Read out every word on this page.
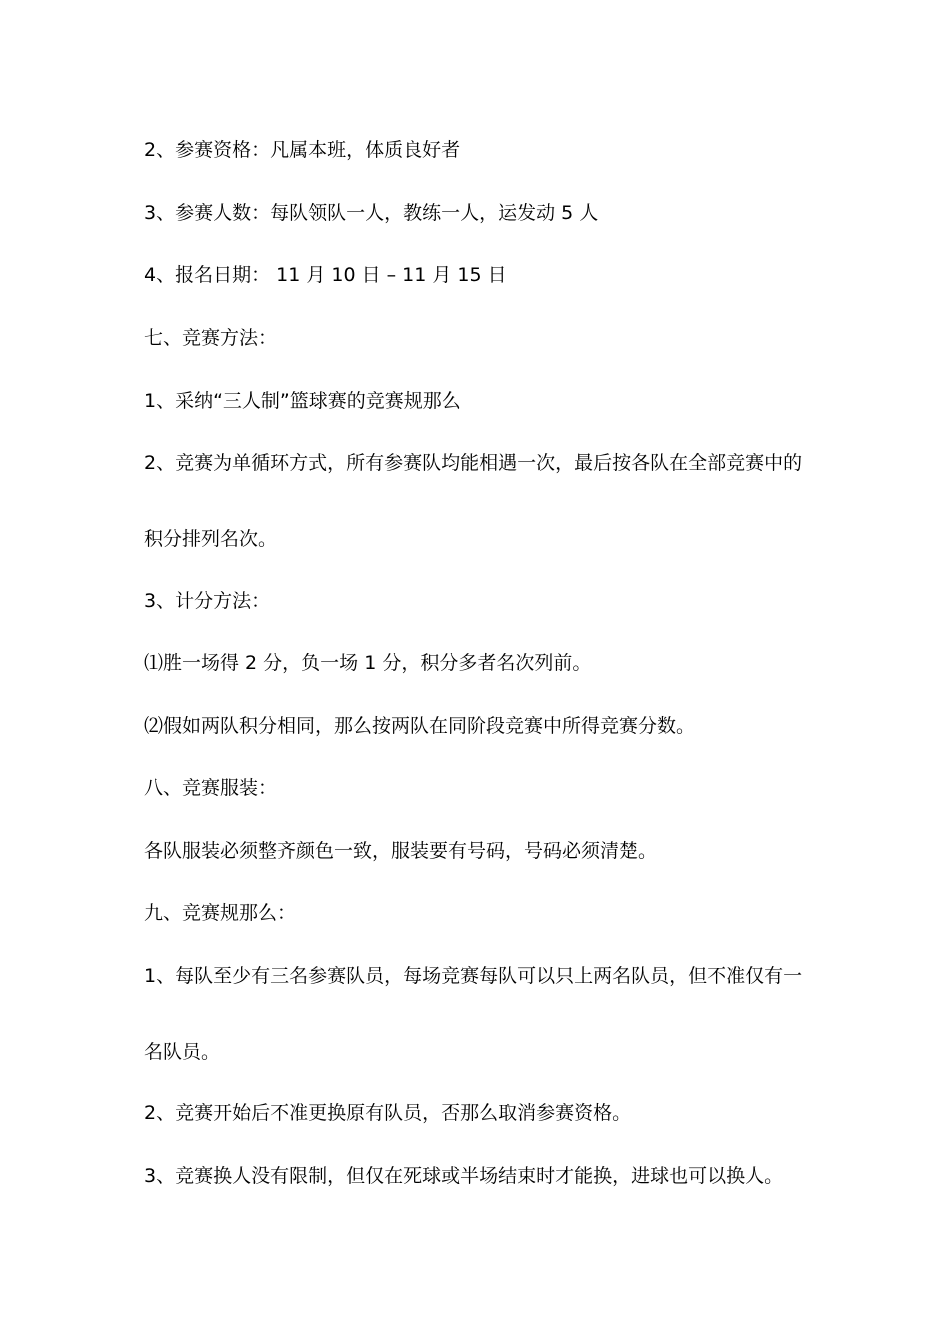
2、参赛资格：凡属本班，体质良好者
3、参赛人数：每队领队一人，教练一人，运发动 5 人
4、报名日期： 11 月 10 日 – 11 月 15 日
七、竞赛方法：
1、采纳“三人制”篮球赛的竞赛规那么
2、竞赛为单循环方式，所有参赛队均能相遇一次，最后按各队在全部竞赛中的
积分排列名次。
3、计分方法：
⑴胜一场得 2 分，负一场 1 分，积分多者名次列前。
⑵假如两队积分相同，那么按两队在同阶段竞赛中所得竞赛分数。
八、竞赛服装：
各队服装必须整齐颜色一致，服装要有号码，号码必须清楚。
九、竞赛规那么：
1、每队至少有三名参赛队员，每场竞赛每队可以只上两名队员，但不准仅有一
名队员。
2、竞赛开始后不准更换原有队员，否那么取消参赛资格。
3、竞赛换人没有限制，但仅在死球或半场结束时才能换，进球也可以换人。
